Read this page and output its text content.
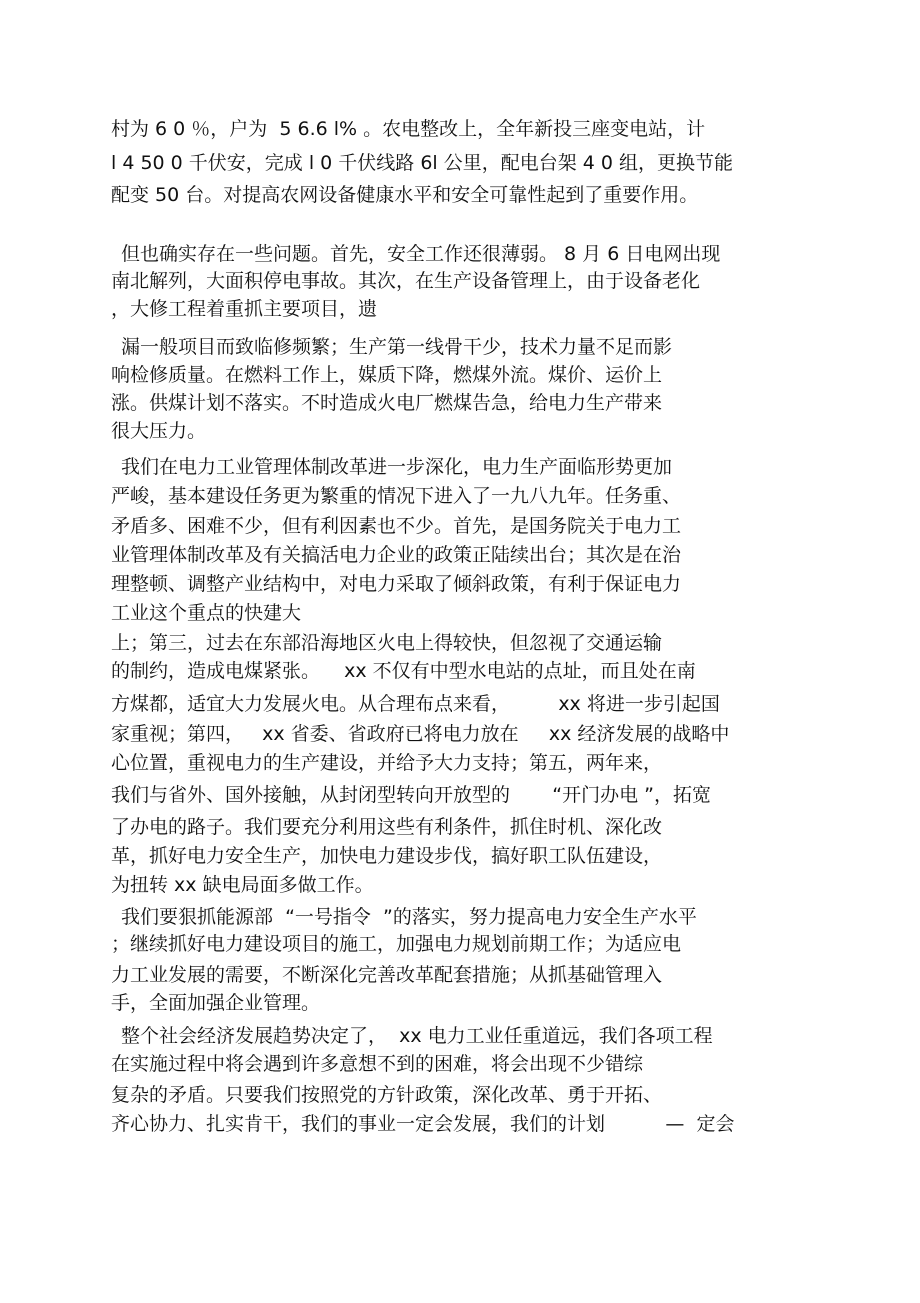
村为 6 0 ％，户为  5 6.6 l% 。农电整改上，全年新投三座变电站，计
l 4 50 0 千伏安，完成 l 0 千伏线路 6l 公里，配电台架 4 0 组，更换节能
配变 50 台。对提高农网设备健康水平和安全可靠性起到了重要作用。
但也确实存在一些问题。首先，安全工作还很薄弱。 8 月 6 日电网出现
南北解列，大面积停电事故。其次，在生产设备管理上，由于设备老化
，大修工程着重抓主要项目，遗
漏一般项目而致临修频繁；生产第一线骨干少，技术力量不足而影
响检修质量。在燃料工作上，媒质下降，燃煤外流。煤价、运价上
涨。供煤计划不落实。不时造成火电厂燃煤告急，给电力生产带来
很大压力。
我们在电力工业管理体制改革进一步深化，电力生产面临形势更加
严峻，基本建设任务更为繁重的情况下进入了一九八九年。任务重、
矛盾多、困难不少，但有利因素也不少。首先，是国务院关于电力工
业管理体制改革及有关搞活电力企业的政策正陆续出台；其次是在治
理整顿、调整产业结构中，对电力采取了倾斜政策，有利于保证电力
工业这个重点的快建大
上；第三，过去在东部沿海地区火电上得较快，但忽视了交通运输
的制约，造成电煤紧张。    xx 不仅有中型水电站的点址，而且处在南
方煤都，适宜大力发展火电。从合理布点来看，        xx 将进一步引起国
家重视；第四，   xx 省委、省政府已将电力放在     xx 经济发展的战略中
心位置，重视电力的生产建设，并给予大力支持；第五，两年来，
我们与省外、国外接触，从封闭型转向开放型的       “开门办电 ”，拓宽
了办电的路子。我们要充分利用这些有利条件，抓住时机、深化改
革，抓好电力安全生产，加快电力建设步伐，搞好职工队伍建设，
为扭转 xx 缺电局面多做工作。
我们要狠抓能源部  “一号指令  ”的落实，努力提高电力安全生产水平
；继续抓好电力建设项目的施工，加强电力规划前期工作；为适应电
力工业发展的需要，不断深化完善改革配套措施；从抓基础管理入
手，全面加强企业管理。
整个社会经济发展趋势决定了，  xx 电力工业任重道远，我们各项工程
在实施过程中将会遇到许多意想不到的困难，将会出现不少错综
复杂的矛盾。只要我们按照党的方针政策，深化改革、勇于开拓、
齐心协力、扎实肯干，我们的事业一定会发展，我们的计划          —  定会
